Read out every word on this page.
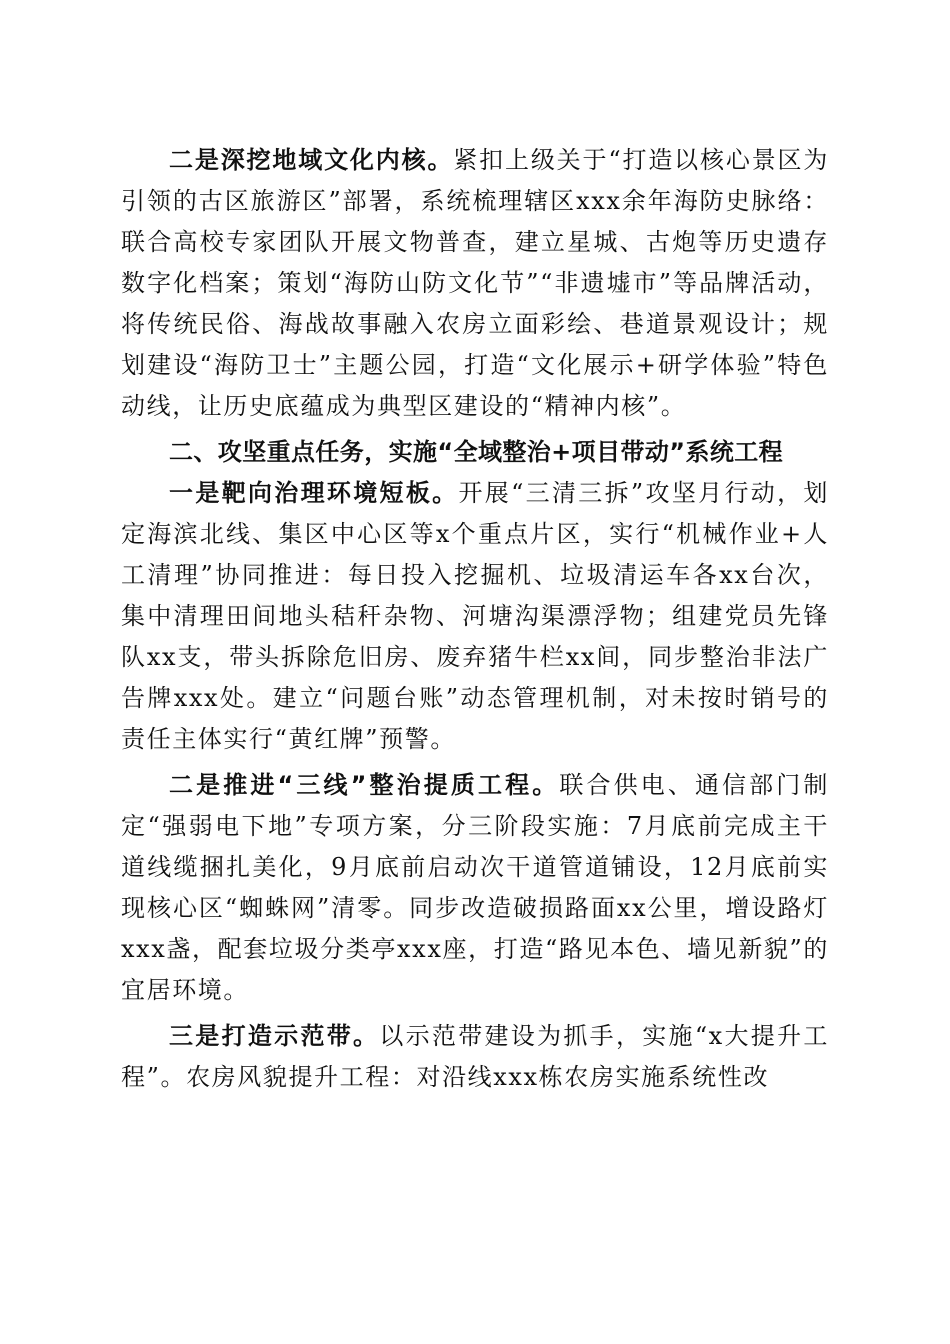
二是深挖地域文化内核。紧扣上级关于“打造以核心景区为引领的古区旅游区”部署，系统梳理辖区xxx余年海防史脉络：联合高校专家团队开展文物普查，建立星城、古炮等历史遗存数字化档案；策划“海防山防文化节”“非遗墟市”等品牌活动，将传统民俗、海战故事融入农房立面彩绘、巷道景观设计；规划建设“海防卫士”主题公园，打造“文化展示+研学体验”特色动线，让历史底蕴成为典型区建设的“精神内核”。

二、攻坚重点任务，实施“全域整治+项目带动”系统工程

一是靶向治理环境短板。开展“三清三拆”攻坚月行动，划定海滨北线、集区中心区等x个重点片区，实行“机械作业+人工清理”协同推进：每日投入挖掘机、垃圾清运车各xx台次，集中清理田间地头秸秆杂物、河塘沟渠漂浮物；组建党员先锋队xx支，带头拆除危旧房、废弃猪牛栏xx间，同步整治非法广告牌xxx处。建立“问题台账”动态管理机制，对未按时销号的责任主体实行“黄红牌”预警。

二是推进“三线”整治提质工程。联合供电、通信部门制定“强弱电下地”专项方案，分三阶段实施：7月底前完成主干道线缆捆扎美化，9月底前启动次干道管道铺设，12月底前实现核心区“蜘蛛网”清零。同步改造破损路面xx公里，增设路灯xxx盏，配套垃圾分类亭xxx座，打造“路见本色、墙见新貌”的宜居环境。

三是打造示范带。以示范带建设为抓手，实施“x大提升工程”。农房风貌提升工程：对沿线xxx栋农房实施系统性改
